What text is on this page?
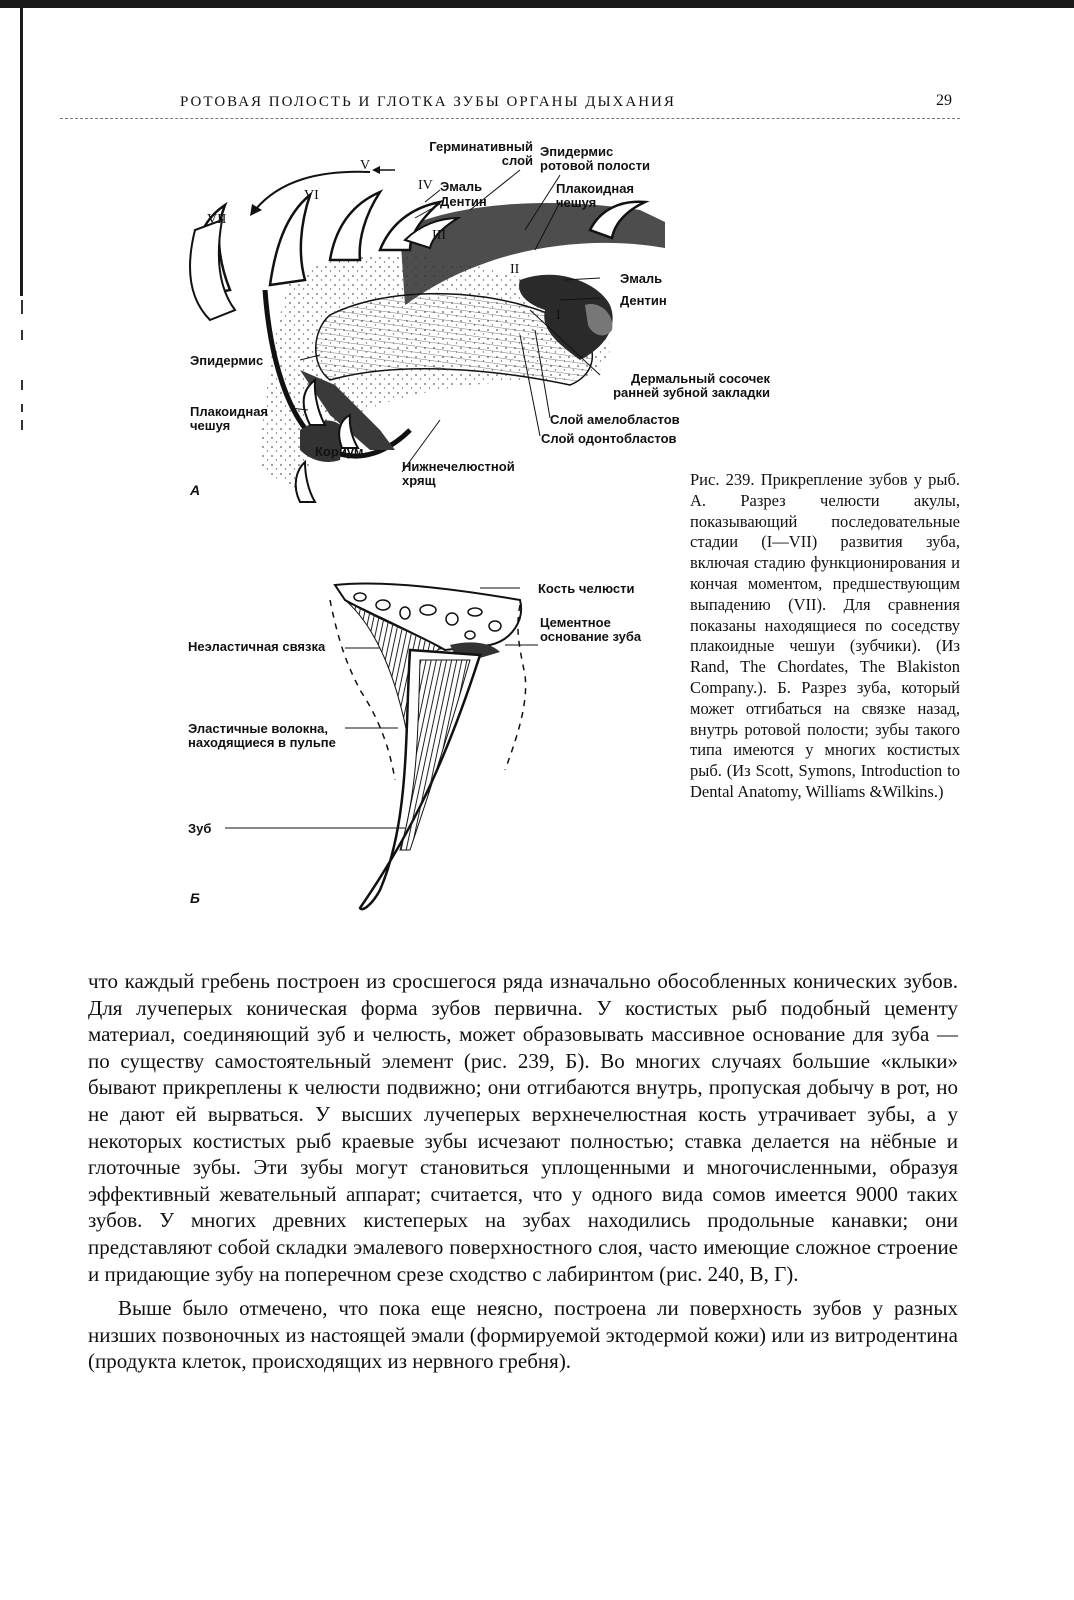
РОТОВАЯ ПОЛОСТЬ И ГЛОТКА ЗУБЫ ОРГАНЫ ДЫХАНИЯ	29
Герминативный слой
Эпидермис ротовой полости
Эмаль
Дентин
Плакоидная чешуя
Эмаль
Дентин
Эпидермис
Плакоидная чешуя
Кориум
Нижнечелюстной хрящ
Дермальный сосочек ранней зубной закладки
Слой амелобластов
Слой одонтобластов
I
II
III
IV
V
VI
VII
А
Кость челюсти
Цементное основание зуба
Неэластичная связка
Эластичные волокна, находящиеся в пульпе
Зуб
Б
Рис. 239. Прикрепление зубов у рыб. А. Разрез челюсти акулы, показывающий последовательные стадии (I—VII) развития зуба, включая стадию функционирования и кончая моментом, предшествующим выпадению (VII). Для сравнения показаны находящиеся по соседству плакоидные чешуи (зубчики). (Из Rand, The Chordates, The Blakiston Company.). Б. Разрез зуба, который может отгибаться на связке назад, внутрь ротовой полости; зубы такого типа имеются у многих костистых рыб. (Из Scott, Symons, Introduction to Dental Anatomy, Williams &Wilkins.)

что каждый гребень построен из сросшегося ряда изначально обособленных конических зубов. Для лучеперых коническая форма зубов первична. У костистых рыб подобный цементу материал, соединяющий зуб и челюсть, может образовывать массивное основание для зуба — по существу самостоятельный элемент (рис. 239, Б). Во многих случаях большие «клыки» бывают прикреплены к челюсти подвижно; они отгибаются внутрь, пропуская добычу в рот, но не дают ей вырваться. У высших лучеперых верхнечелюстная кость утрачивает зубы, а у некоторых костистых рыб краевые зубы исчезают полностью; ставка делается на нёбные и глоточные зубы. Эти зубы могут становиться уплощенными и многочисленными, образуя эффективный жевательный аппарат; считается, что у одного вида сомов имеется 9000 таких зубов. У многих древних кистеперых на зубах находились продольные канавки; они представляют собой складки эмалевого поверхностного слоя, часто имеющие сложное строение и придающие зубу на поперечном срезе сходство с лабиринтом (рис. 240, В, Г).

Выше было отмечено, что пока еще неясно, построена ли поверхность зубов у разных низших позвоночных из настоящей эмали (формируемой эктодермой кожи) или из витродентина (продукта клеток, происходящих из нервного гребня).
